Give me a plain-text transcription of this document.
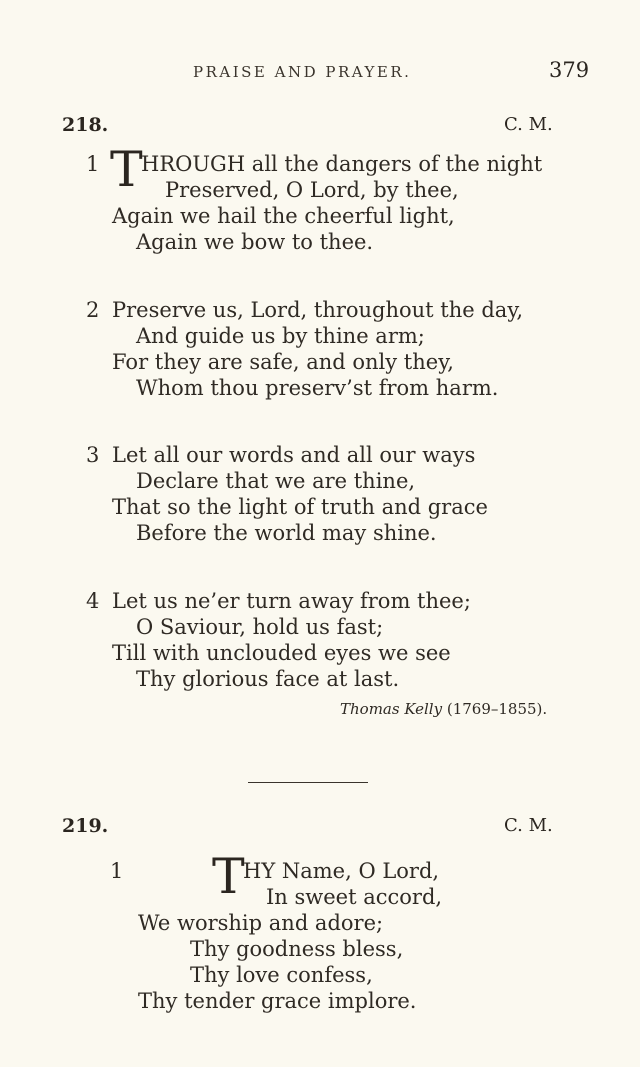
PRAISE AND PRAYER.	379
218.	C. M.
1 T
HROUGH all the dangers of the night
Preserved, O Lord, by thee,
Again we hail the cheerful light,
Again we bow to thee.
2 Preserve us, Lord, throughout the day,
And guide us by thine arm;
For they are safe, and only they,
Whom thou preserv’st from harm.
3 Let all our words and all our ways
Declare that we are thine,
That so the light of truth and grace
Before the world may shine.
4 Let us ne’er turn away from thee;
O Saviour, hold us fast;
Till with unclouded eyes we see
Thy glorious face at last.
Thomas Kelly (1769–1855).
219.	C. M.
1 T
HY Name, O Lord,
In sweet accord,
We worship and adore;
Thy goodness bless,
Thy love confess,
Thy tender grace implore.
